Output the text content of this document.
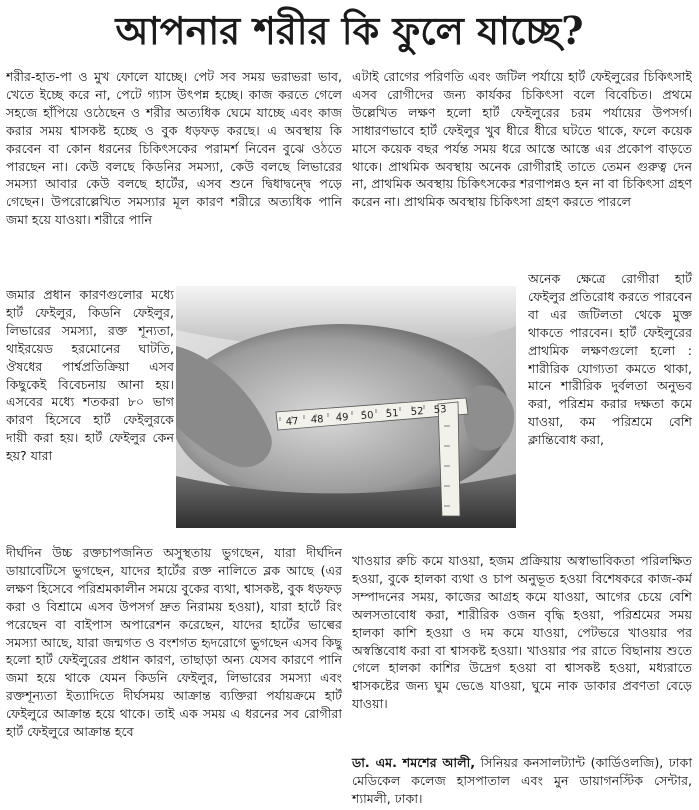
আপনার শরীর কি ফুলে যাচ্ছে?
শরীর-হাত-পা ও মুখ ফোলে যাচ্ছে। পেট সব সময় ভরাভরা ভাব, খেতে ইচ্ছে করে না, পেটে গ্যাস উৎপন্ন হচ্ছে। কাজ করতে গেলে সহজে হাঁপিয়ে ওঠেছেন ও শরীর অত্যধিক ঘেমে যাচ্ছে এবং কাজ করার সময় শ্বাসকষ্ট হচ্ছে ও বুক ধড়ফড় করছে। এ অবস্থায় কি করবেন বা কোন ধরনের চিকিৎসকের পরামর্শ নিবেন বুঝে ওঠতে পারছেন না। কেউ বলছে কিডনির সমস্যা, কেউ বলছে লিভারের সমস্যা আবার কেউ বলছে হার্টের, এসব শুনে দ্বিধাদ্বন্দ্বে পড়ে গেছেন। উপরোল্লেখিত সমস্যার মূল কারণ শরীরে অত্যধিক পানি জমা হয়ে যাওয়া। শরীরে পানি
জমার প্রধান কারণগুলোর মধ্যে হার্ট ফেইলুর, কিডনি ফেইলুর, লিভারের সমস্যা, রক্ত শূন্যতা, থাইরয়েড হরমোনের ঘাটতি, ঔষধের পার্শ্বপ্রতিক্রিয়া এসব কিছুকেই বিবেচনায় আনা হয়। এসবের মধ্যে শতকরা ৮০ ভাগ কারণ হিসেবে হার্ট ফেইলুরকে দায়ী করা হয়। হার্ট ফেইলুর কেন হয়? যারা
দীর্ঘদিন উচ্চ রক্তচাপজনিত অসুস্থতায় ভুগছেন, যারা দীর্ঘদিন ডায়াবেটিসে ভুগছেন, যাদের হার্টের রক্ত নালিতে ব্লক আছে (এর লক্ষণ হিসেবে পরিশ্রমকালীন সময়ে বুকের ব্যথা, শ্বাসকষ্ট, বুক ধড়ফড় করা ও বিশ্রামে এসব উপসর্গ দ্রুত নিরাময় হওয়া), যারা হার্টে রিং পরেছেন বা বাইপাস অপারেশন করেছেন, যাদের হার্টের ভাল্বের সমস্যা আছে, যারা জন্মগত ও বংশগত হৃদরোগে ভুগছেন এসব কিছু হলো হার্ট ফেইলুরের প্রধান কারণ, তাছাড়া অন্য যেসব কারণে পানি জমা হয়ে থাকে যেমন কিডনি ফেইলুর, লিভারের সমস্যা এবং রক্তশূন্যতা ইত্যাদিতে দীর্ঘসময় আক্রান্ত ব্যক্তিরা পর্যায়ক্রমে হার্ট ফেইলুরে আক্রান্ত হয়ে থাকে। তাই এক সময় এ ধরনের সব রোগীরা হার্ট ফেইলুরে আক্রান্ত হবে
এটাই রোগের পরিণতি এবং জটিল পর্যায়ে হার্ট ফেইলুরের চিকিৎসাই এসব রোগীদের জন্য কার্যকর চিকিৎসা বলে বিবেচিত। প্রথমে উল্লেখিত লক্ষণ হলো হার্ট ফেইলুরের চরম পর্যায়ের উপসর্গ। সাধারণভাবে হার্ট ফেইলুর খুব ধীরে ধীরে ঘটতে থাকে, ফলে কয়েক মাসে কয়েক বছর পর্যন্ত সময় ধরে আস্তে আস্তে এর প্রকোপ বাড়তে থাকে। প্রাথমিক অবস্থায় অনেক রোগীরাই তাতে তেমন গুরুত্ব দেন না, প্রাথমিক অবস্থায় চিকিৎসকের শরণাপন্নও হন না বা চিকিৎসা গ্রহণ করেন না। প্রাথমিক অবস্থায় চিকিৎসা গ্রহণ করতে পারলে
অনেক ক্ষেত্রে রোগীরা হার্ট ফেইলুর প্রতিরোধ করতে পারবেন বা এর জটিলতা থেকে মুক্ত থাকতে পারবেন। হার্ট ফেইলুরের প্রাথমিক লক্ষণগুলো হলো : শারীরিক যোগ্যতা কমতে থাকা, মানে শারীরিক দুর্বলতা অনুভব করা, পরিশ্রম করার দক্ষতা কমে যাওয়া, কম পরিশ্রমে বেশি ক্লান্তিবোধ করা,
খাওয়ার রুচি কমে যাওয়া, হজম প্রক্রিয়ায় অস্বাভাবিকতা পরিলক্ষিত হওয়া, বুকে হালকা ব্যথা ও চাপ অনুভূত হওয়া বিশেষকরে কাজ-কর্ম সম্পাদনের সময়, কাজের আগ্রহ কমে যাওয়া, আগের চেয়ে বেশি অলসতাবোধ করা, শারীরিক ওজন বৃদ্ধি হওয়া, পরিশ্রমের সময় হালকা কাশি হওয়া ও দম কমে যাওয়া, পেটভরে খাওয়ার পর অস্বস্তিবোধ করা বা শ্বাসকষ্ট হওয়া। খাওয়ার পর রাতে বিছানায় শুতে গেলে হালকা কাশির উদ্রেগ হওয়া বা শ্বাসকষ্ট হওয়া, মধ্যরাতে শ্বাসকষ্টের জন্য ঘুম ভেঙে যাওয়া, ঘুমে নাক ডাকার প্রবণতা বেড়ে যাওয়া।
ডা. এম. শমশের আলী, সিনিয়র কনসালট্যান্ট (কার্ডিওলজি), ঢাকা মেডিকেল কলেজ হাসপাতাল এবং মুন ডায়াগনস্টিক সেন্টার, শ্যামলী, ঢাকা।
47 48 49 50 51 52 53
